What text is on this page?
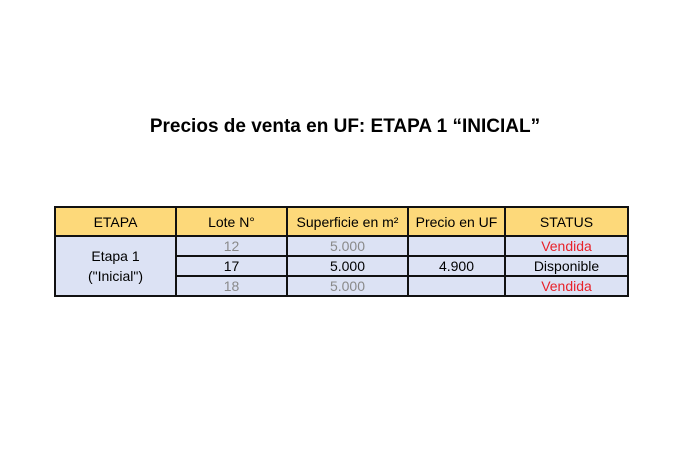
Precios de venta en UF: ETAPA 1 “INICIAL”
ETAPA	Lote N°	Superficie en m²	Precio en UF	STATUS
Etapa 1
("Inicial")	12	5.000		Vendida
	17	5.000	4.900	Disponible
	18	5.000		Vendida
